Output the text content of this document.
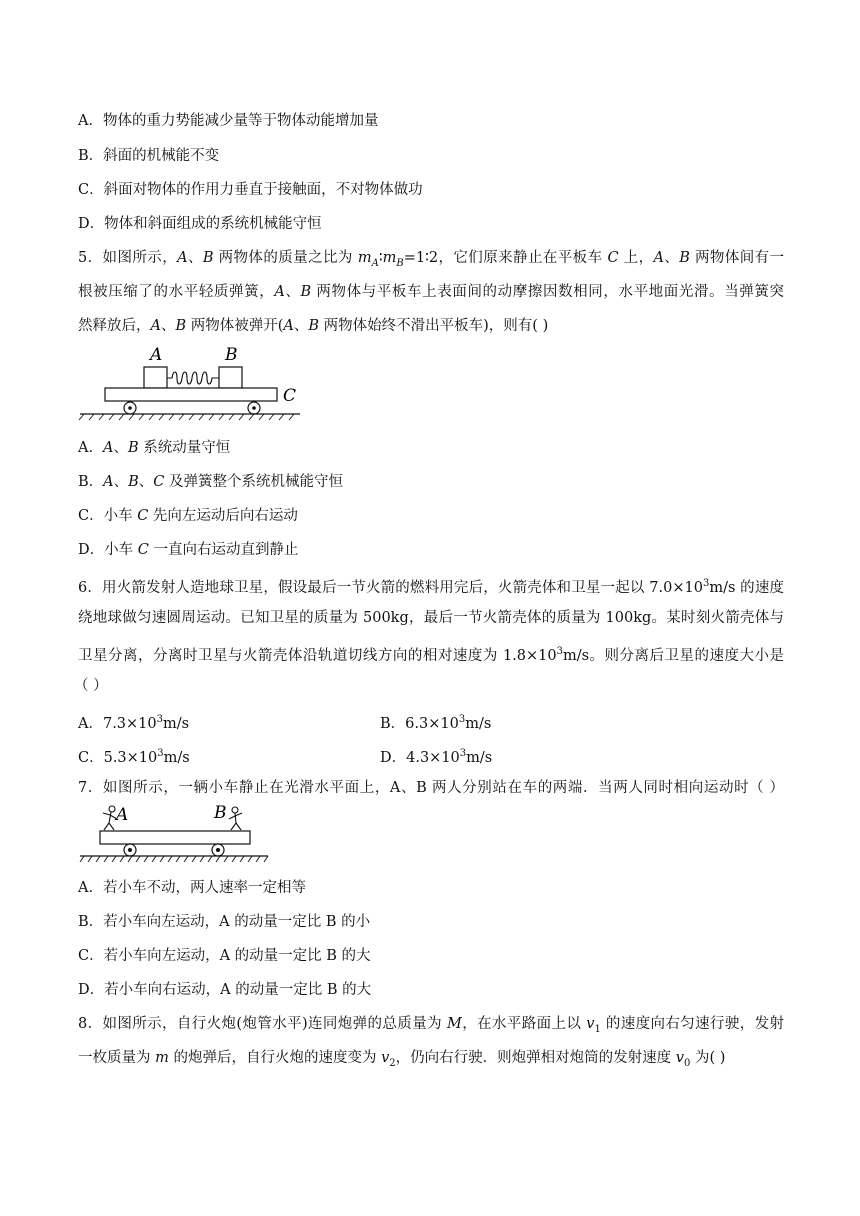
A．物体的重力势能减少量等于物体动能增加量
B．斜面的机械能不变
C．斜面对物体的作用力垂直于接触面，不对物体做功
D．物体和斜面组成的系统机械能守恒
5．如图所示，A、B 两物体的质量之比为 $m_A∶m_B=1∶2$，它们原来静止在平板车 C 上，A、B 两物体间有一
根被压缩了的水平轻质弹簧，A、B 两物体与平板车上表面间的动摩擦因数相同，水平地面光滑。当弹簧突
然释放后，A、B 两物体被弹开(A、B 两物体始终不滑出平板车)，则有( )
A	B
C
A．A、B 系统动量守恒
B．A、B、C 及弹簧整个系统机械能守恒
C．小车 C 先向左运动后向右运动
D．小车 C 一直向右运动直到静止
6．用火箭发射人造地球卫星，假设最后一节火箭的燃料用完后，火箭壳体和卫星一起以 $7.0\times 10^3m/s$ 的速度
绕地球做匀速圆周运动。已知卫星的质量为 500kg，最后一节火箭壳体的质量为 100kg。某时刻火箭壳体与
卫星分离，分离时卫星与火箭壳体沿轨道切线方向的相对速度为 $1.8\times 10^3m/s$。则分离后卫星的速度大小是
（ ）
A．$7.3\times 10^3m/s$	B．$6.3\times 10^3m/s$
C．$5.3\times 10^3m/s$	D．$4.3\times 10^3m/s$
7．如图所示，一辆小车静止在光滑水平面上，A、B 两人分别站在车的两端．当两人同时相向运动时（ ）
A	B
A．若小车不动，两人速率一定相等
B．若小车向左运动，A 的动量一定比 B 的小
C．若小车向左运动，A 的动量一定比 B 的大
D．若小车向右运动，A 的动量一定比 B 的大
8．如图所示，自行火炮(炮管水平)连同炮弹的总质量为 M，在水平路面上以 $v_1$ 的速度向右匀速行驶，发射
一枚质量为 m 的炮弹后，自行火炮的速度变为 $v_2$，仍向右行驶．则炮弹相对炮筒的发射速度 $v_0$ 为( )
